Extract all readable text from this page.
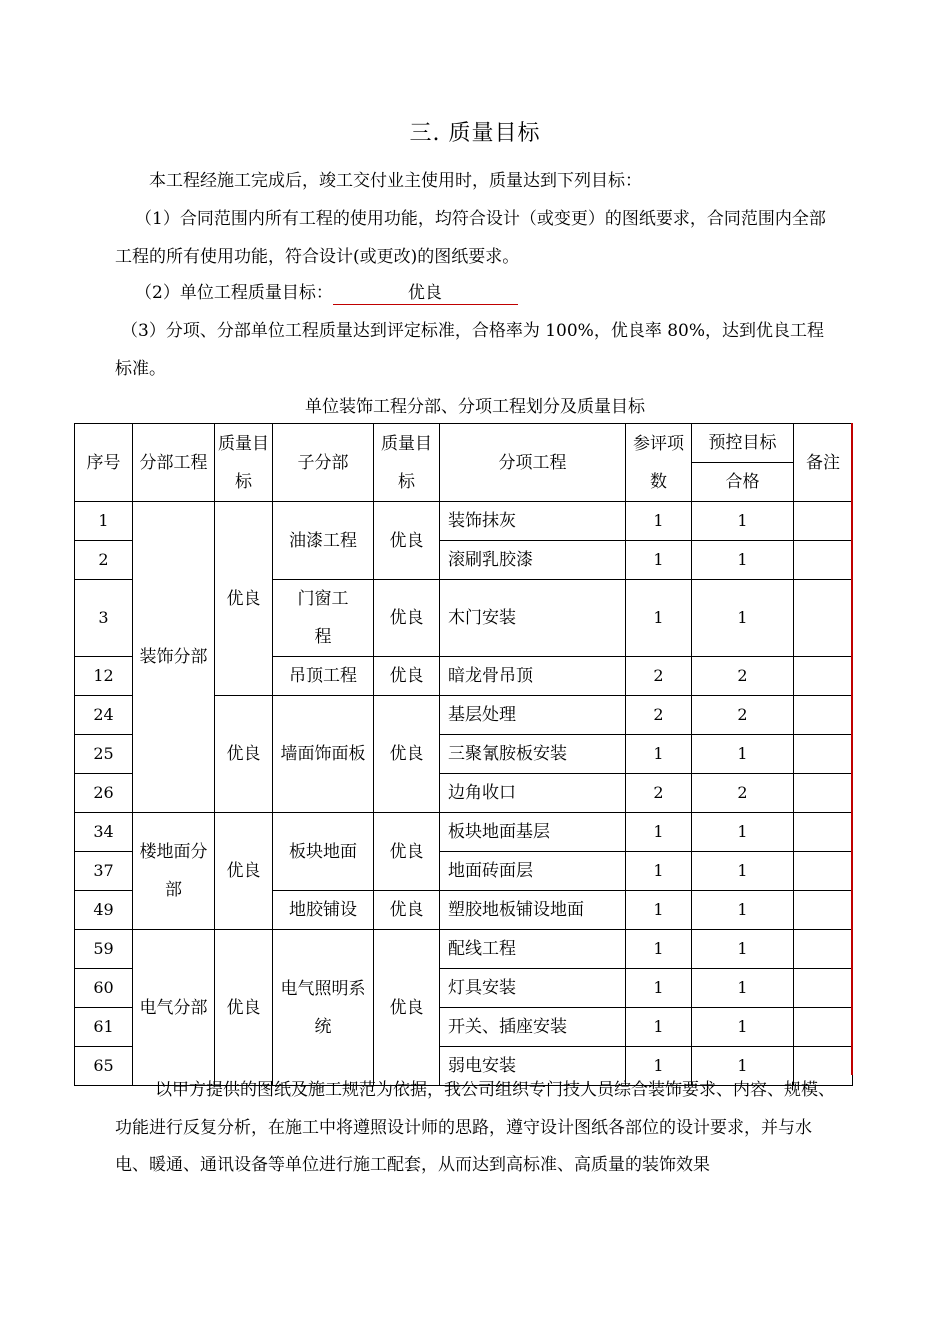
三. 质量目标
本工程经施工完成后，竣工交付业主使用时，质量达到下列目标：
（1）合同范围内所有工程的使用功能，均符合设计（或变更）的图纸要求，合同范围内全部工程的所有使用功能，符合设计(或更改)的图纸要求。
（2）单位工程质量目标：	优良
（3）分项、分部单位工程质量达到评定标准，合格率为 100%，优良率 80%，达到优良工程标准。
单位装饰工程分部、分项工程划分及质量目标
序号	分部工程	质量目标	子分部	质量目标	分项工程	参评项数	预控目标	备注
							合格	
1	装饰分部	优良	油漆工程	优良	装饰抹灰	1	1	
2					滚刷乳胶漆	1	1	
3			门窗工程	优良	木门安装	1	1	
12			吊顶工程	优良	暗龙骨吊顶	2	2	
24		优良	墙面饰面板	优良	基层处理	2	2	
25					三聚氰胺板安装	1	1	
26					边角收口	2	2	
34	楼地面分部	优良	板块地面	优良	板块地面基层	1	1	
37					地面砖面层	1	1	
49			地胶铺设	优良	塑胶地板铺设地面	1	1	
59	电气分部	优良	电气照明系统	优良	配线工程	1	1	
60					灯具安装	1	1	
61					开关、插座安装	1	1	
65					弱电安装	1	1	
以甲方提供的图纸及施工规范为依据，我公司组织专门技人员综合装饰要求、内容、规模、功能进行反复分析，在施工中将遵照设计师的思路，遵守设计图纸各部位的设计要求，并与水电、暖通、通讯设备等单位进行施工配套，从而达到高标准、高质量的装饰效果
